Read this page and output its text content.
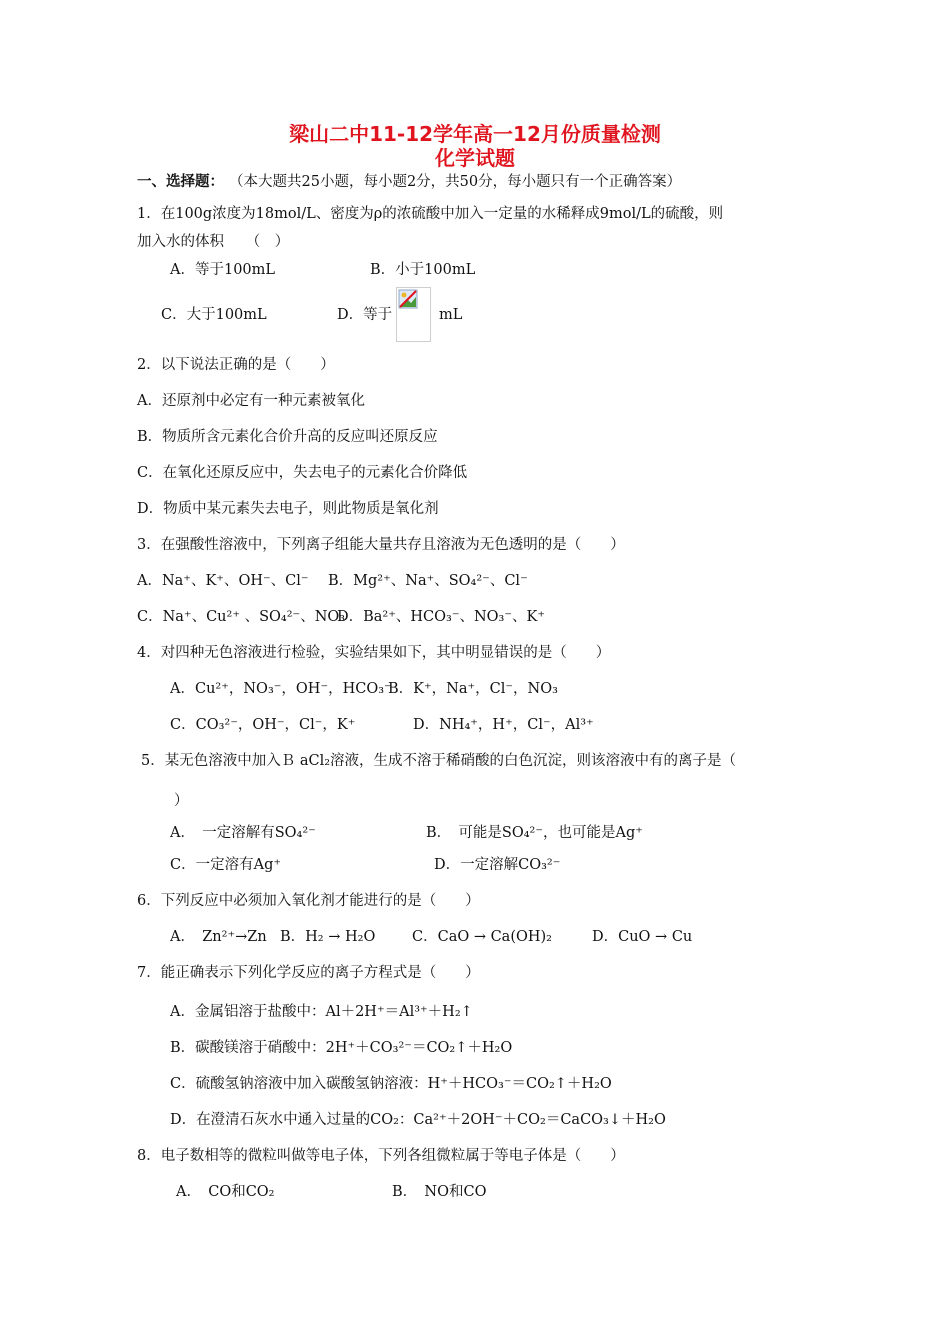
梁山二中11-12学年高一12月份质量检测
化学试题
一、选择题： （本大题共25小题，每小题2分，共50分，每小题只有一个正确答案）
1．在100g浓度为18mol/L、密度为ρ的浓硫酸中加入一定量的水稀释成9mol/L的硫酸，则
加入水的体积　　（　）
A．等于100mL	B．小于100mL
C．大于100mL	D．等于	mL
2．以下说法正确的是（　　）
A．还原剂中必定有一种元素被氧化
B．物质所含元素化合价升高的反应叫还原反应
C．在氧化还原反应中，失去电子的元素化合价降低
D．物质中某元素失去电子，则此物质是氧化剂
3．在强酸性溶液中，下列离子组能大量共存且溶液为无色透明的是（　　）
A．Na⁺、K⁺、OH⁻、Cl⁻ B．Mg²⁺、Na⁺、SO₄²⁻、Cl⁻
C．Na⁺、Cu²⁺ 、SO₄²⁻、NO₃
D．Ba²⁺、HCO₃⁻、NO₃⁻、K⁺
4．对四种无色溶液进行检验，实验结果如下，其中明显错误的是（　　）
A．Cu²⁺，NO₃⁻，OH⁻，HCO₃⁻
B．K⁺，Na⁺，Cl⁻，NO₃
C．CO₃²⁻，OH⁻，Cl⁻，K⁺	D．NH₄⁺，H⁺，Cl⁻，Al³⁺
5．某无色溶液中加入Ｂ aCl₂溶液，生成不溶于稀硝酸的白色沉淀，则该溶液中有的离子是（
）
A．　一定溶解有SO₄²⁻	B．　可能是SO₄²⁻，也可能是Ag⁺
C．一定溶有Ag⁺	D．一定溶解CO₃²⁻
6．下列反应中必须加入氧化剂才能进行的是（　　）
A．　Zn²⁺→Zn B．H₂ → H₂O	C．CaO → Ca(OH)₂	D．CuO → Cu
7．能正确表示下列化学反应的离子方程式是（　　）
A．金属铝溶于盐酸中：Al＋2H⁺＝Al³⁺＋H₂↑
B．碳酸镁溶于硝酸中：2H⁺＋CO₃²⁻＝CO₂↑＋H₂O
C．硫酸氢钠溶液中加入碳酸氢钠溶液：H⁺＋HCO₃⁻＝CO₂↑＋H₂O
D．在澄清石灰水中通入过量的CO₂：Ca²⁺＋2OH⁻＋CO₂＝CaCO₃↓＋H₂O
8．电子数相等的微粒叫做等电子体，下列各组微粒属于等电子体是（　　）
A．　CO和CO₂	B．　NO和CO
